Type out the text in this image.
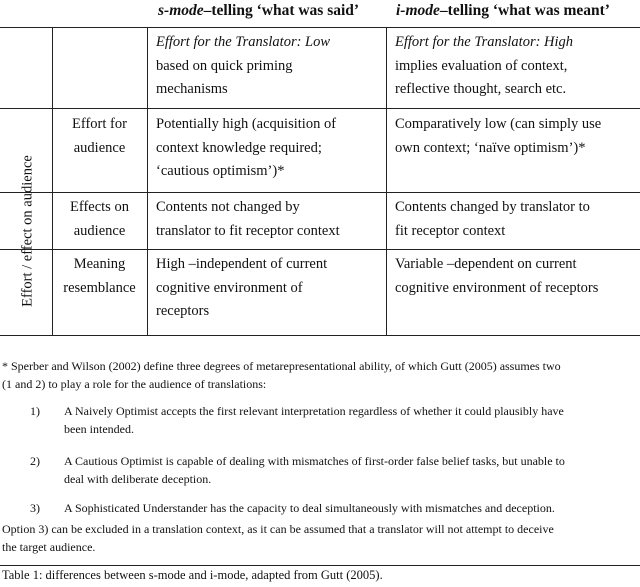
s-mode–telling ‘what was said’ i-mode–telling ‘what was meant’
Effort for the Translator: Low
based on quick priming
mechanisms
Effort for the Translator: High
implies evaluation of context,
reflective thought, search etc.
Effort / effect on audience
Effort for
audience
Potentially high (acquisition of
context knowledge required;
‘cautious optimism’)*
Comparatively low (can simply use
own context; ‘naïve optimism’)*
Effects on
audience
Contents not changed by
translator to fit receptor context
Contents changed by translator to
fit receptor context
Meaning
resemblance
High –independent of current
cognitive environment of
receptors
Variable –dependent on current
cognitive environment of receptors
* Sperber and Wilson (2002) define three degrees of metarepresentational ability, of which Gutt (2005) assumes two
(1 and 2) to play a role for the audience of translations:
1) A Naively Optimist accepts the first relevant interpretation regardless of whether it could plausibly have
been intended.
2) A Cautious Optimist is capable of dealing with mismatches of first-order false belief tasks, but unable to
deal with deliberate deception.
3) A Sophisticated Understander has the capacity to deal simultaneously with mismatches and deception.
Option 3) can be excluded in a translation context, as it can be assumed that a translator will not attempt to deceive
the target audience.
Table 1: differences between s-mode and i-mode, adapted from Gutt (2005).
